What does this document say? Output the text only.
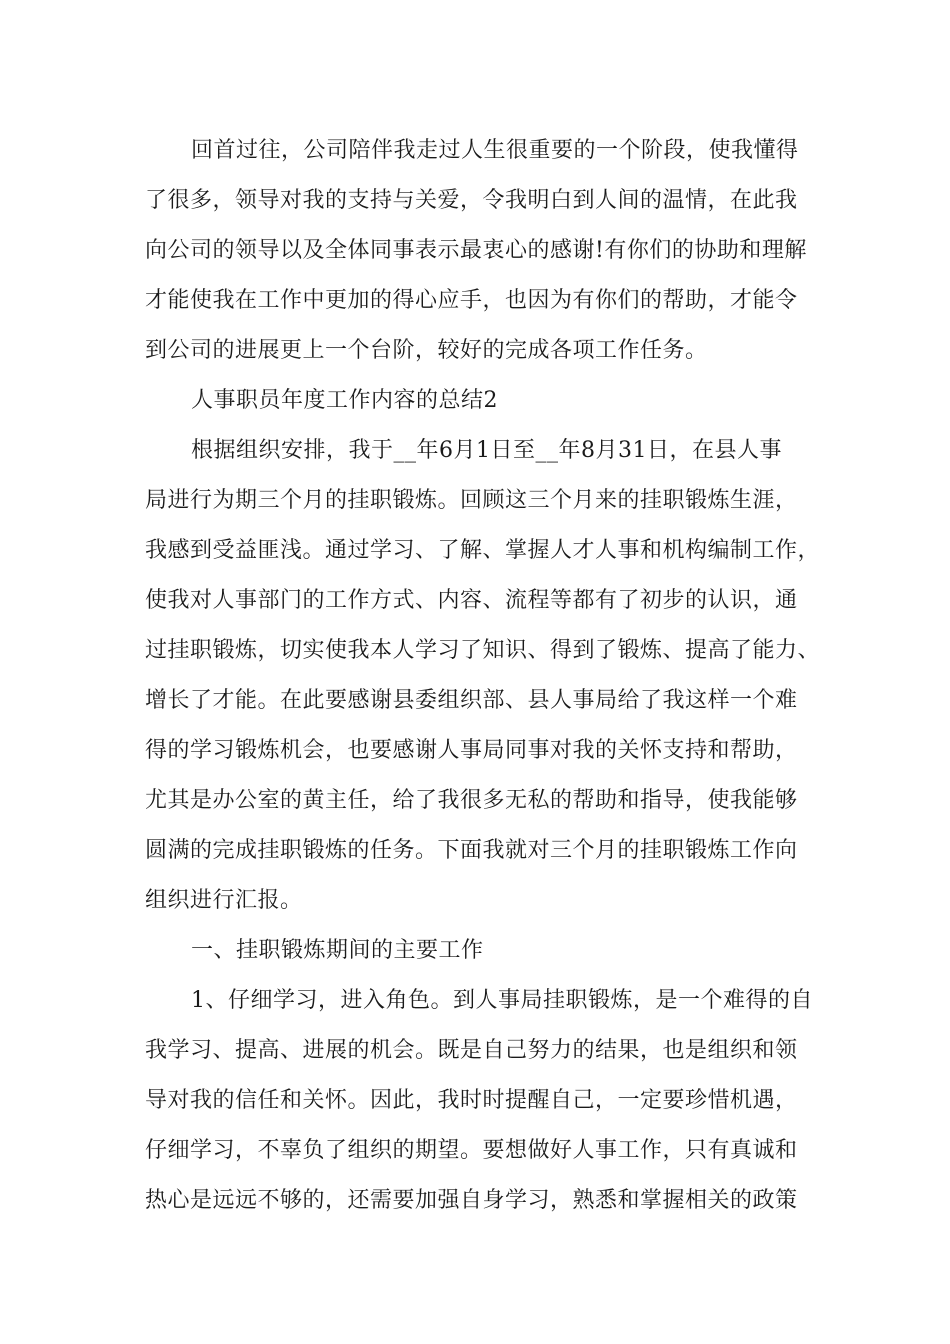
回首过往，公司陪伴我走过人生很重要的一个阶段，使我懂得

了很多，领导对我的支持与关爱，令我明白到人间的温情，在此我

向公司的领导以及全体同事表示最衷心的感谢!有你们的协助和理解

才能使我在工作中更加的得心应手，也因为有你们的帮助，才能令

到公司的进展更上一个台阶，较好的完成各项工作任务。

人事职员年度工作内容的总结2

根据组织安排，我于__年6月1日至__年8月31日，在县人事

局进行为期三个月的挂职锻炼。回顾这三个月来的挂职锻炼生涯，

我感到受益匪浅。通过学习、了解、掌握人才人事和机构编制工作，

使我对人事部门的工作方式、内容、流程等都有了初步的认识，通

过挂职锻炼，切实使我本人学习了知识、得到了锻炼、提高了能力、

增长了才能。在此要感谢县委组织部、县人事局给了我这样一个难

得的学习锻炼机会，也要感谢人事局同事对我的关怀支持和帮助，

尤其是办公室的黄主任，给了我很多无私的帮助和指导，使我能够

圆满的完成挂职锻炼的任务。下面我就对三个月的挂职锻炼工作向

组织进行汇报。

一、挂职锻炼期间的主要工作

1、仔细学习，进入角色。到人事局挂职锻炼，是一个难得的自

我学习、提高、进展的机会。既是自己努力的结果，也是组织和领

导对我的信任和关怀。因此，我时时提醒自己，一定要珍惜机遇，

仔细学习，不辜负了组织的期望。要想做好人事工作，只有真诚和

热心是远远不够的，还需要加强自身学习，熟悉和掌握相关的政策
